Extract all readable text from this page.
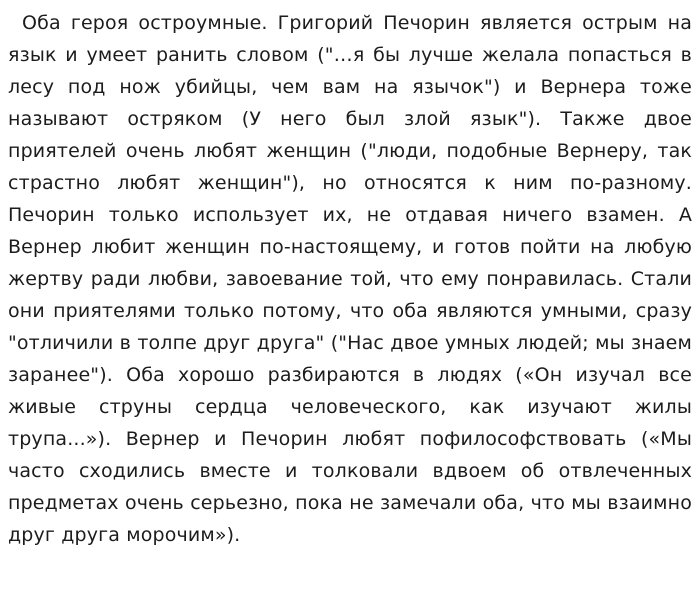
Оба героя остроумные. Григорий Печорин является острым на язык и умеет ранить словом ("…я бы лучше желала попасться в лесу под нож убийцы, чем вам на язычок") и Вернера тоже называют остряком (У него был злой язык"). Также двое приятелей очень любят женщин ("люди, подобные Вернеру, так страстно любят женщин"), но относятся к ним по-разному. Печорин только использует их, не отдавая ничего взамен. А Вернер любит женщин по-настоящему, и готов пойти на любую жертву ради любви, завоевание той, что ему понравилась. Стали они приятелями только потому, что оба являются умными, сразу "отличили в толпе друг друга" ("Нас двое умных людей; мы знаем заранее"). Оба хорошо разбираются в людях («Он изучал все живые струны сердца человеческого, как изучают жилы трупа...»). Вернер и Печорин любят пофилософствовать («Мы часто сходились вместе и толковали вдвоем об отвлеченных предметах очень серьезно, пока не замечали оба, что мы взаимно друг друга морочим»).
